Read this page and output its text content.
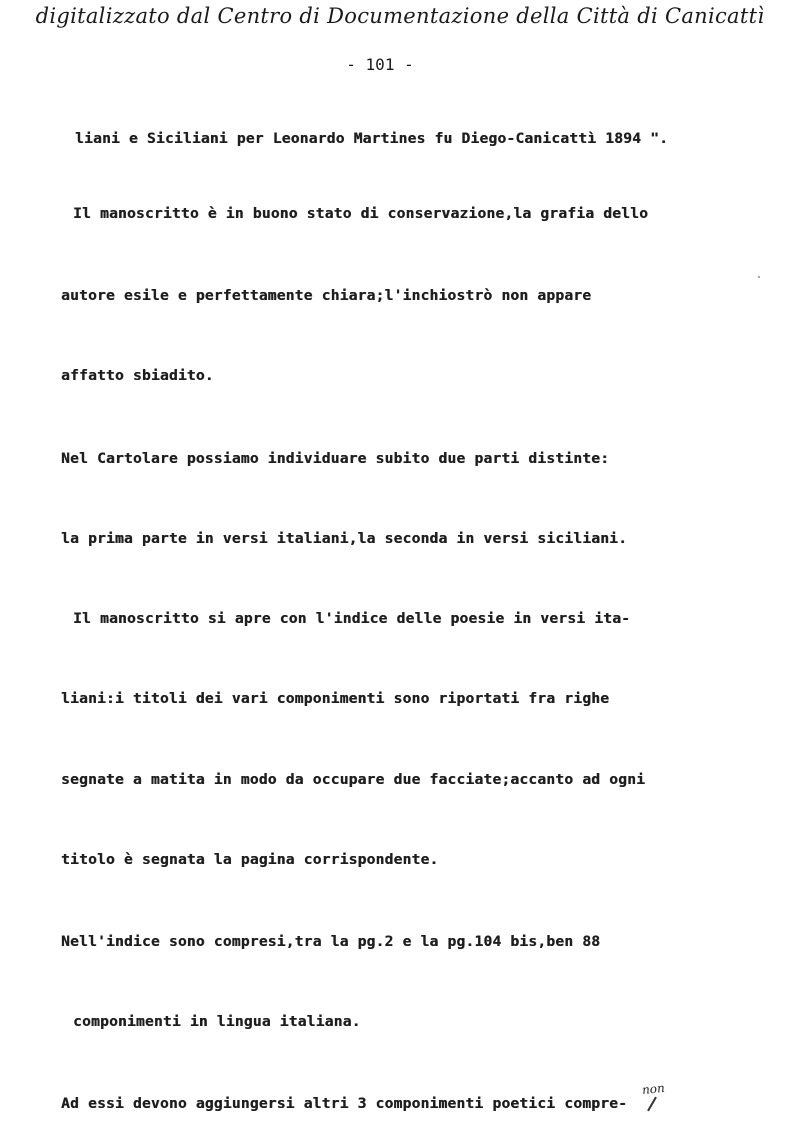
digitalizzato dal Centro di Documentazione della Città di Canicattì
- 101 -
liani e Siciliani per Leonardo Martines fu Diego-Canicattì 1894 ".
Il manoscritto è in buono stato di conservazione,la grafia dello
autore esile e perfettamente chiara;l'inchiostrò non appare
affatto sbiadito.
Nel Cartolare possiamo individuare subito due parti distinte:
la prima parte in versi italiani,la seconda in versi siciliani.
Il manoscritto si apre con l'indice delle poesie in versi ita-
liani:i titoli dei vari componimenti sono riportati fra righe
segnate a matita in modo da occupare due facciate;accanto ad ogni
titolo è segnata la pagina corrispondente.
Nell'indice sono compresi,tra la pg.2 e la pg.104 bis,ben 88
componimenti in lingua italiana.
Ad essi devono aggiungersi altri 3 componimenti poetici compre-
non
